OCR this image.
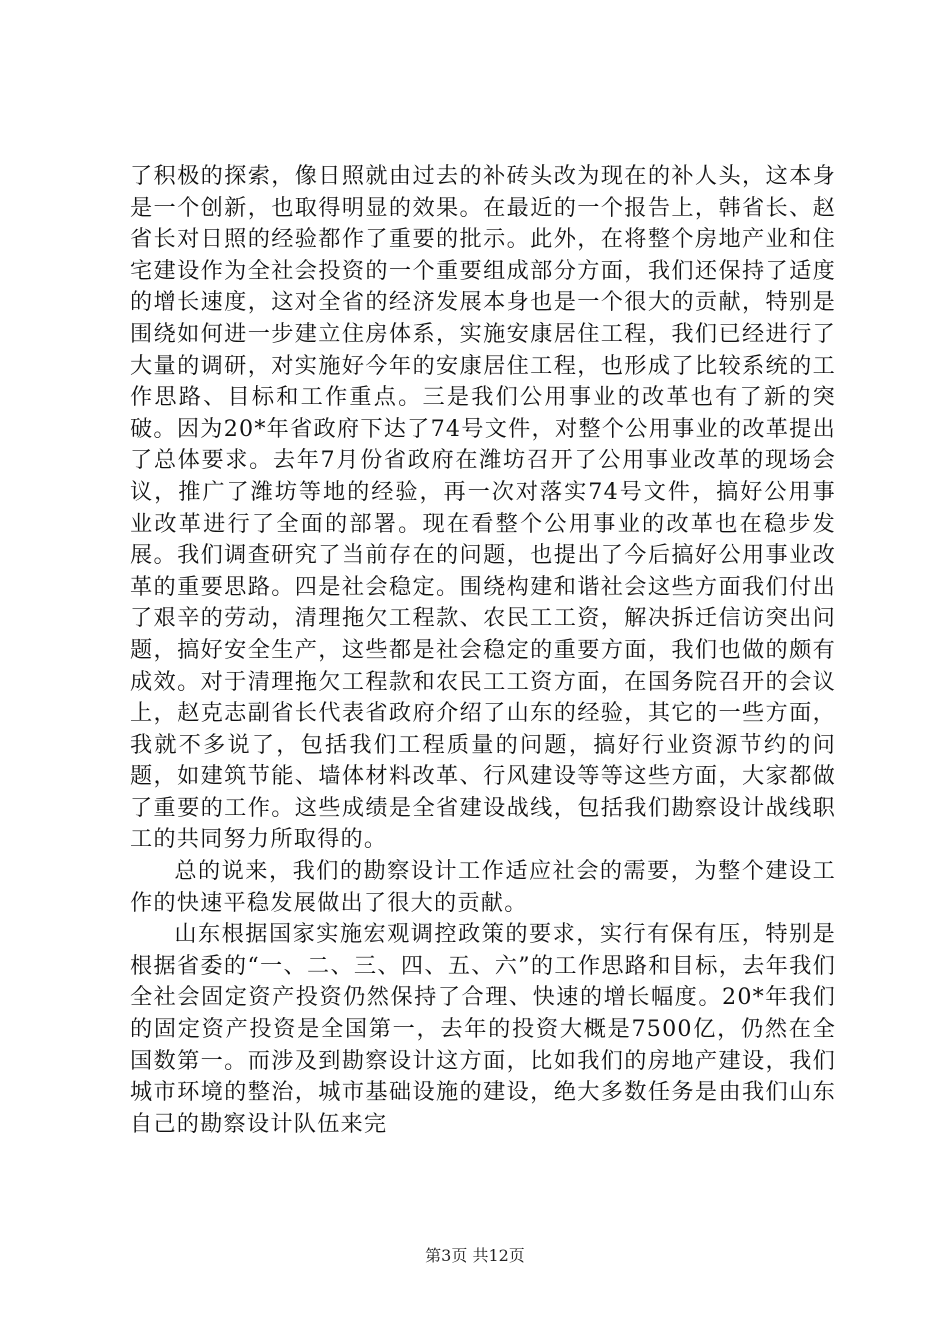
了积极的探索，像日照就由过去的补砖头改为现在的补人头，这本身是一个创新，也取得明显的效果。在最近的一个报告上，韩省长、赵省长对日照的经验都作了重要的批示。此外，在将整个房地产业和住宅建设作为全社会投资的一个重要组成部分方面，我们还保持了适度的增长速度，这对全省的经济发展本身也是一个很大的贡献，特别是围绕如何进一步建立住房体系，实施安康居住工程，我们已经进行了大量的调研，对实施好今年的安康居住工程，也形成了比较系统的工作思路、目标和工作重点。三是我们公用事业的改革也有了新的突破。因为20*年省政府下达了74号文件，对整个公用事业的改革提出了总体要求。去年7月份省政府在潍坊召开了公用事业改革的现场会议，推广了潍坊等地的经验，再一次对落实74号文件，搞好公用事业改革进行了全面的部署。现在看整个公用事业的改革也在稳步发展。我们调查研究了当前存在的问题，也提出了今后搞好公用事业改革的重要思路。四是社会稳定。围绕构建和谐社会这些方面我们付出了艰辛的劳动，清理拖欠工程款、农民工工资，解决拆迁信访突出问题，搞好安全生产，这些都是社会稳定的重要方面，我们也做的颇有成效。对于清理拖欠工程款和农民工工资方面，在国务院召开的会议上，赵克志副省长代表省政府介绍了山东的经验，其它的一些方面，我就不多说了，包括我们工程质量的问题，搞好行业资源节约的问题，如建筑节能、墙体材料改革、行风建设等等这些方面，大家都做了重要的工作。这些成绩是全省建设战线，包括我们勘察设计战线职工的共同努力所取得的。

总的说来，我们的勘察设计工作适应社会的需要，为整个建设工作的快速平稳发展做出了很大的贡献。

山东根据国家实施宏观调控政策的要求，实行有保有压，特别是根据省委的“一、二、三、四、五、六”的工作思路和目标，去年我们全社会固定资产投资仍然保持了合理、快速的增长幅度。20*年我们的固定资产投资是全国第一，去年的投资大概是7500亿，仍然在全国数第一。而涉及到勘察设计这方面，比如我们的房地产建设，我们城市环境的整治，城市基础设施的建设，绝大多数任务是由我们山东自己的勘察设计队伍来完

第3页 共12页
